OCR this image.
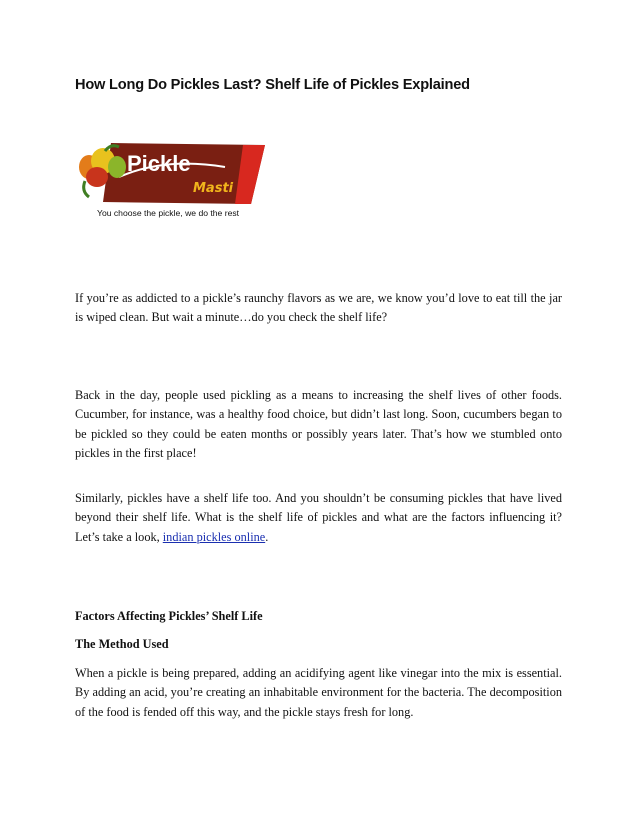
How Long Do Pickles Last? Shelf Life of Pickles Explained
Pickle
Masti
You choose the pickle, we do the rest

If you’re as addicted to a pickle’s raunchy flavors as we are, we know you’d love to eat till the jar is wiped clean. But wait a minute…do you check the shelf life?

Back in the day, people used pickling as a means to increasing the shelf lives of other foods. Cucumber, for instance, was a healthy food choice, but didn’t last long. Soon, cucumbers began to be pickled so they could be eaten months or possibly years later. That’s how we stumbled onto pickles in the first place!

Similarly, pickles have a shelf life too. And you shouldn’t be consuming pickles that have lived beyond their shelf life. What is the shelf life of pickles and what are the factors influencing it? Let’s take a look, indian pickles online.

Factors Affecting Pickles’ Shelf Life

The Method Used

When a pickle is being prepared, adding an acidifying agent like vinegar into the mix is essential. By adding an acid, you’re creating an inhabitable environment for the bacteria. The decomposition of the food is fended off this way, and the pickle stays fresh for long.
